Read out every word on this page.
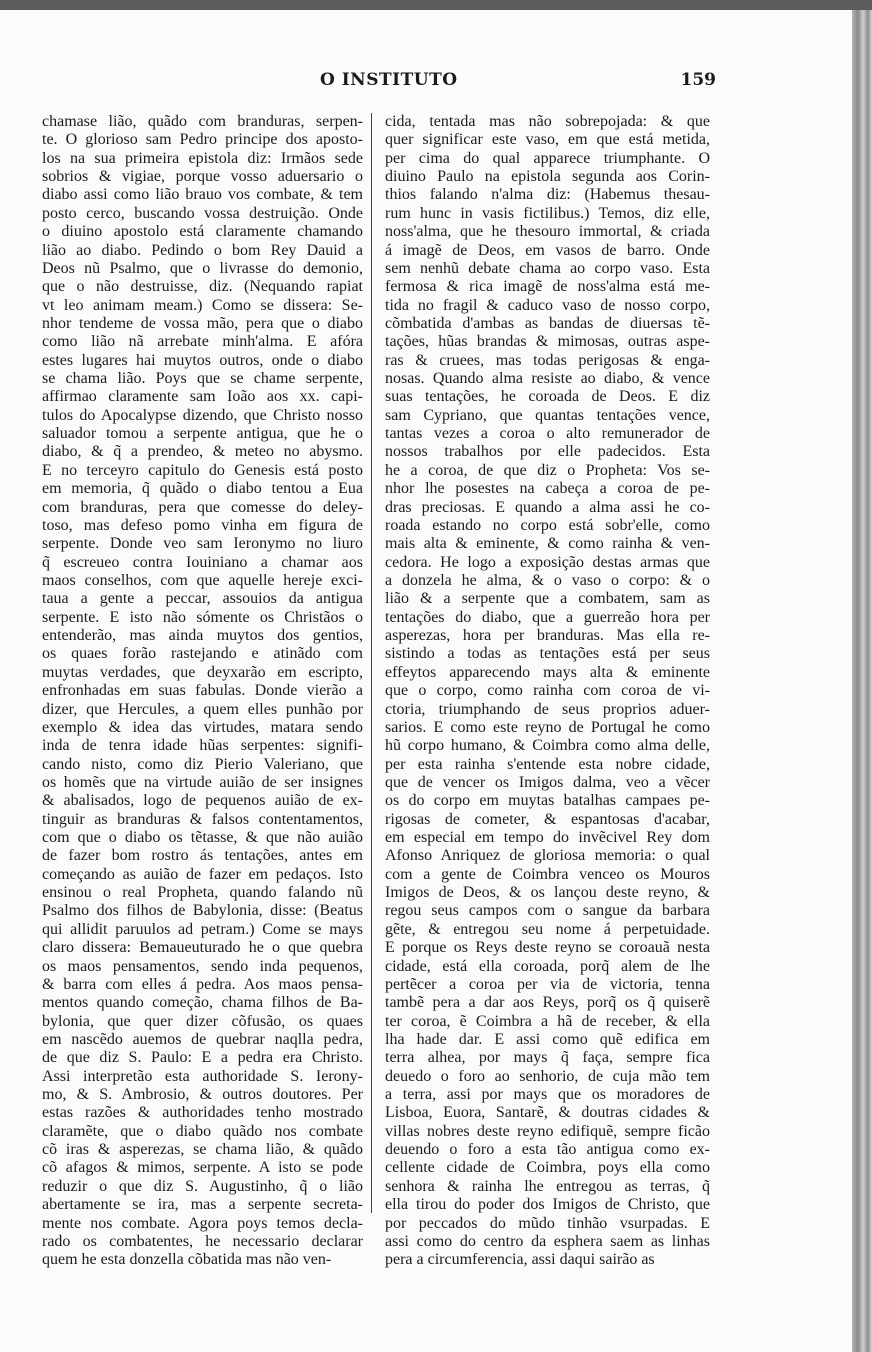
O INSTITUTO	159
chamase lião, quãdo com branduras, serpen-
te. O glorioso sam Pedro principe dos aposto-
los na sua primeira epistola diz: Irmãos sede
sobrios & vigiae, porque vosso aduersario o
diabo assi como lião brauo vos combate, & tem
posto cerco, buscando vossa destruição. Onde
o diuino apostolo está claramente chamando
lião ao diabo. Pedindo o bom Rey Dauid a
Deos nũ Psalmo, que o livrasse do demonio,
que o não destruisse, diz. (Nequando rapiat
vt leo animam meam.) Como se dissera: Se-
nhor tendeme de vossa mão, pera que o diabo
como lião nã arrebate minh'alma. E afóra
estes lugares hai muytos outros, onde o diabo
se chama lião. Poys que se chame serpente,
affirmao claramente sam Ioão aos xx. capi-
tulos do Apocalypse dizendo, que Christo nosso
saluador tomou a serpente antigua, que he o
diabo, & q̃ a prendeo, & meteo no abysmo.
E no terceyro capitulo do Genesis está posto
em memoria, q̃ quãdo o diabo tentou a Eua
com branduras, pera que comesse do deley-
toso, mas defeso pomo vinha em figura de
serpente. Donde veo sam Ieronymo no liuro
q̃ escreueo contra Iouiniano a chamar aos
maos conselhos, com que aquelle hereje exci-
taua a gente a peccar, assouios da antigua
serpente. E isto não sómente os Christãos o
entenderão, mas ainda muytos dos gentios,
os quaes forão rastejando e atinãdo com
muytas verdades, que deyxarão em escripto,
enfronhadas em suas fabulas. Donde vierão a
dizer, que Hercules, a quem elles punhão por
exemplo & idea das virtudes, matara sendo
inda de tenra idade hũas serpentes: signifi-
cando nisto, como diz Pierio Valeriano, que
os homẽs que na virtude auião de ser insignes
& abalisados, logo de pequenos auião de ex-
tinguir as branduras & falsos contentamentos,
com que o diabo os tẽtasse, & que não auião
de fazer bom rostro ás tentações, antes em
começando as auião de fazer em pedaços. Isto
ensinou o real Propheta, quando falando nũ
Psalmo dos filhos de Babylonia, disse: (Beatus
qui allidit paruulos ad petram.) Come se mays
claro dissera: Bemaueuturado he o que quebra
os maos pensamentos, sendo inda pequenos,
& barra com elles á pedra. Aos maos pensa-
mentos quando começão, chama filhos de Ba-
bylonia, que quer dizer cõfusão, os quaes
em nascẽdo auemos de quebrar naqlla pedra,
de que diz S. Paulo: E a pedra era Christo.
Assi interpretão esta authoridade S. Ierony-
mo, & S. Ambrosio, & outros doutores. Per
estas razões & authoridades tenho mostrado
claramẽte, que o diabo quãdo nos combate
cõ iras & asperezas, se chama lião, & quãdo
cõ afagos & mimos, serpente. A isto se pode
reduzir o que diz S. Augustinho, q̃ o lião
abertamente se ira, mas a serpente secreta-
mente nos combate. Agora poys temos decla-
rado os combatentes, he necessario declarar
quem he esta donzella cõbatida mas não ven-
cida, tentada mas não sobrepojada: & que
quer significar este vaso, em que está metida,
per cima do qual apparece triumphante. O
diuino Paulo na epistola segunda aos Corin-
thios falando n'alma diz: (Habemus thesau-
rum hunc in vasis fictilibus.) Temos, diz elle,
noss'alma, que he thesouro immortal, & criada
á imagẽ de Deos, em vasos de barro. Onde
sem nenhũ debate chama ao corpo vaso. Esta
fermosa & rica imagẽ de noss'alma está me-
tida no fragil & caduco vaso de nosso corpo,
cõmbatida d'ambas as bandas de diuersas tẽ-
tações, hũas brandas & mimosas, outras aspe-
ras & cruees, mas todas perigosas & enga-
nosas. Quando alma resiste ao diabo, & vence
suas tentações, he coroada de Deos. E diz
sam Cypriano, que quantas tentações vence,
tantas vezes a coroa o alto remunerador de
nossos trabalhos por elle padecidos. Esta
he a coroa, de que diz o Propheta: Vos se-
nhor lhe posestes na cabeça a coroa de pe-
dras preciosas. E quando a alma assi he co-
roada estando no corpo está sobr'elle, como
mais alta & eminente, & como rainha & ven-
cedora. He logo a exposição destas armas que
a donzela he alma, & o vaso o corpo: & o
lião & a serpente que a combatem, sam as
tentações do diabo, que a guerreão hora per
asperezas, hora per branduras. Mas ella re-
sistindo a todas as tentações está per seus
effeytos apparecendo mays alta & eminente
que o corpo, como rainha com coroa de vi-
ctoria, triumphando de seus proprios aduer-
sarios. E como este reyno de Portugal he como
hũ corpo humano, & Coimbra como alma delle,
per esta rainha s'entende esta nobre cidade,
que de vencer os Imigos dalma, veo a vẽcer
os do corpo em muytas batalhas campaes pe-
rigosas de cometer, & espantosas d'acabar,
em especial em tempo do invẽcivel Rey dom
Afonso Anriquez de gloriosa memoria: o qual
com a gente de Coimbra venceo os Mouros
Imigos de Deos, & os lançou deste reyno, &
regou seus campos com o sangue da barbara
gẽte, & entregou seu nome á perpetuidade.
E porque os Reys deste reyno se coroauã nesta
cidade, está ella coroada, porq̃ alem de lhe
pertẽcer a coroa per via de victoria, tenna
tambẽ pera a dar aos Reys, porq̃ os q̃ quiserẽ
ter coroa, ẽ Coimbra a hã de receber, & ella
lha hade dar. E assi como quẽ edifica em
terra alhea, por mays q̃ faça, sempre fica
deuedo o foro ao senhorio, de cuja mão tem
a terra, assi por mays que os moradores de
Lisboa, Euora, Santarẽ, & doutras cidades &
villas nobres deste reyno edifiquẽ, sempre ficão
deuendo o foro a esta tão antigua como ex-
cellente cidade de Coimbra, poys ella como
senhora & rainha lhe entregou as terras, q̃
ella tirou do poder dos Imigos de Christo, que
por peccados do mũdo tinhão vsurpadas. E
assi como do centro da esphera saem as linhas
pera a circumferencia, assi daqui sairão as
